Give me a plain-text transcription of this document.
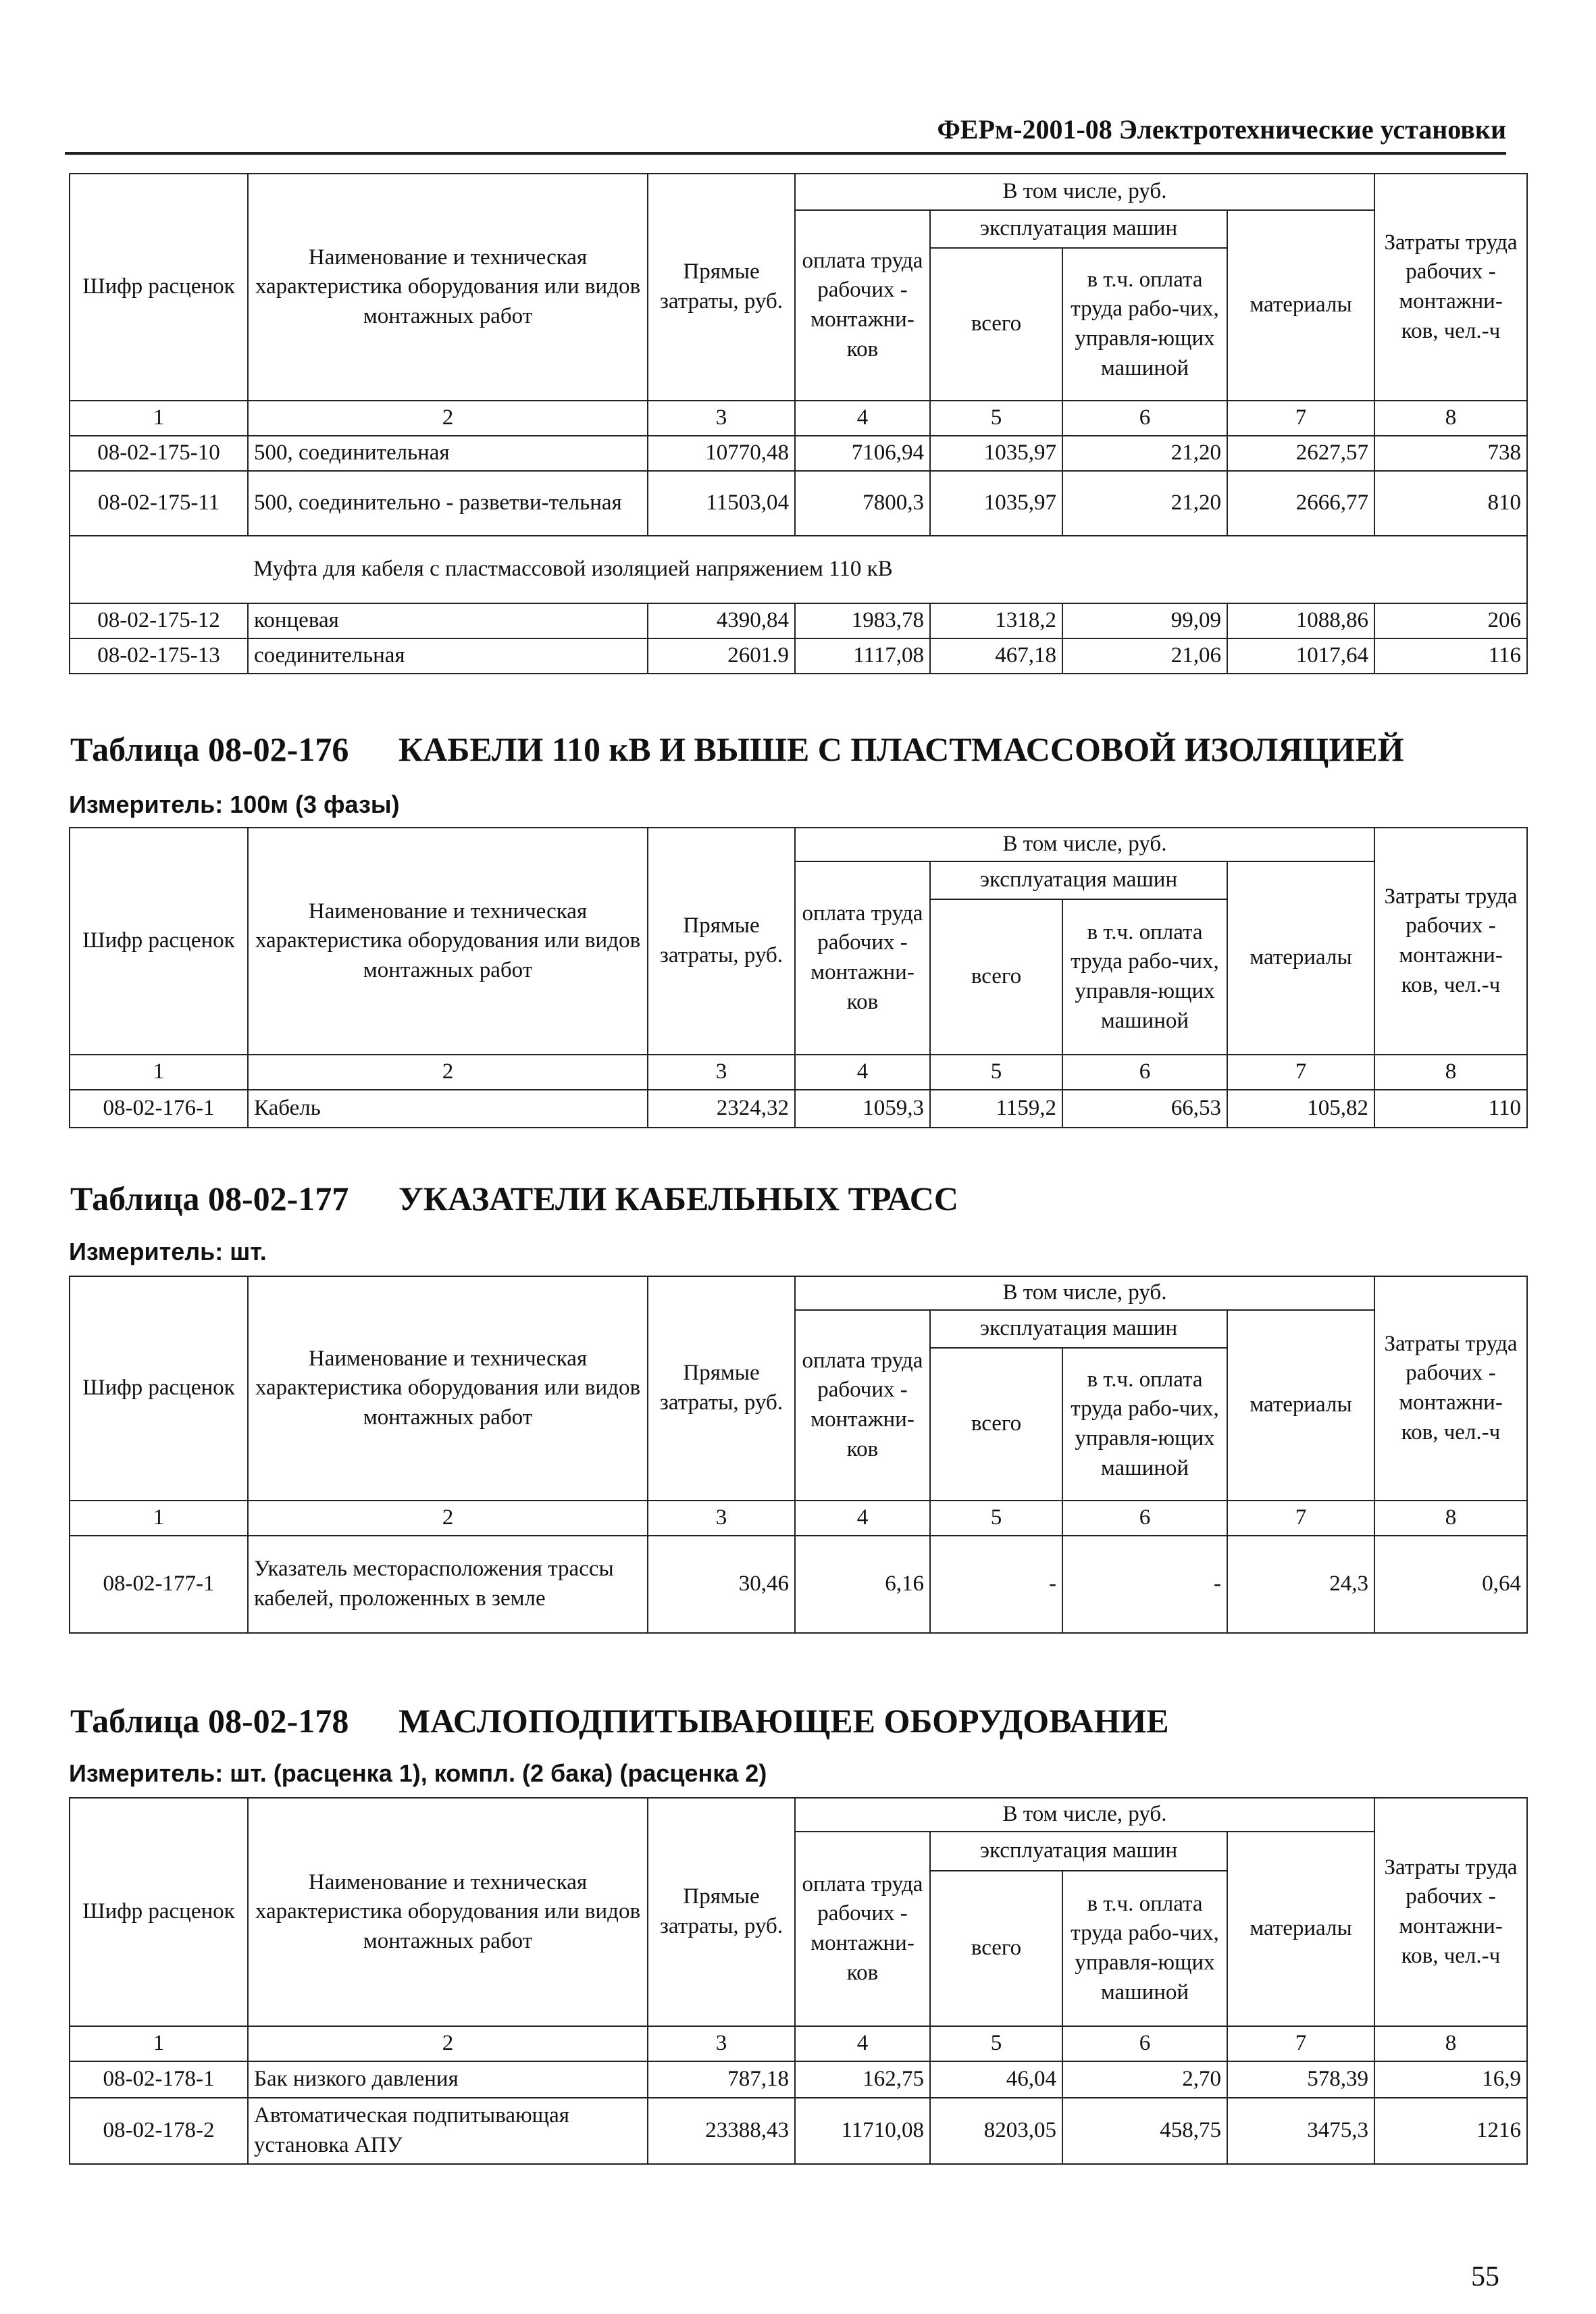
ФЕРм-2001-08 Электротехнические установки
Шифр расценок	Наименование и техническая характеристика оборудования или видов монтажных работ	Прямые затраты, руб.	В том числе, руб.				Затраты труда рабочих - монтажни-ков, чел.-ч
			оплата труда рабочих - монтажни-ков	эксплуатация машин		материалы	
				всего	в т.ч. оплата труда рабо-чих, управля-ющих машиной		
1	2	3	4	5	6	7	8
08-02-175-10	500, соединительная	10770,48	7106,94	1035,97	21,20	2627,57	738
08-02-175-11	500, соединительно - разветви-тельная	11503,04	7800,3	1035,97	21,20	2666,77	810
	Муфта для кабеля с пластмассовой изоляцией напряжением 110 кВ						
08-02-175-12	концевая	4390,84	1983,78	1318,2	99,09	1088,86	206
08-02-175-13	соединительная	2601.9	1117,08	467,18	21,06	1017,64	116
Таблица 08-02-176 КАБЕЛИ 110 кВ И ВЫШЕ С ПЛАСТМАССОВОЙ ИЗОЛЯЦИЕЙ
Измеритель: 100м (3 фазы)
Шифр расценок	Наименование и техническая характеристика оборудования или видов монтажных работ	Прямые затраты, руб.	В том числе, руб.				Затраты труда рабочих - монтажни-ков, чел.-ч
			оплата труда рабочих - монтажни-ков	эксплуатация машин		материалы	
				всего	в т.ч. оплата труда рабо-чих, управля-ющих машиной		
1	2	3	4	5	6	7	8
08-02-176-1	Кабель	2324,32	1059,3	1159,2	66,53	105,82	110
Таблица 08-02-177 УКАЗАТЕЛИ КАБЕЛЬНЫХ ТРАСС
Измеритель: шт.
Шифр расценок	Наименование и техническая характеристика оборудования или видов монтажных работ	Прямые затраты, руб.	В том числе, руб.				Затраты труда рабочих - монтажни-ков, чел.-ч
			оплата труда рабочих - монтажни-ков	эксплуатация машин		материалы	
				всего	в т.ч. оплата труда рабо-чих, управля-ющих машиной		
1	2	3	4	5	6	7	8
08-02-177-1	Указатель месторасположения трассы кабелей, проложенных в земле	30,46	6,16	-	-	24,3	0,64
Таблица 08-02-178 МАСЛОПОДПИТЫВАЮЩЕЕ ОБОРУДОВАНИЕ
Измеритель: шт. (расценка 1), компл. (2 бака) (расценка 2)
Шифр расценок	Наименование и техническая характеристика оборудования или видов монтажных работ	Прямые затраты, руб.	В том числе, руб.				Затраты труда рабочих - монтажни-ков, чел.-ч
			оплата труда рабочих - монтажни-ков	эксплуатация машин		материалы	
				всего	в т.ч. оплата труда рабо-чих, управля-ющих машиной		
1	2	3	4	5	6	7	8
08-02-178-1	Бак низкого давления	787,18	162,75	46,04	2,70	578,39	16,9
08-02-178-2	Автоматическая подпитывающая установка АПУ	23388,43	11710,08	8203,05	458,75	3475,3	1216
55
